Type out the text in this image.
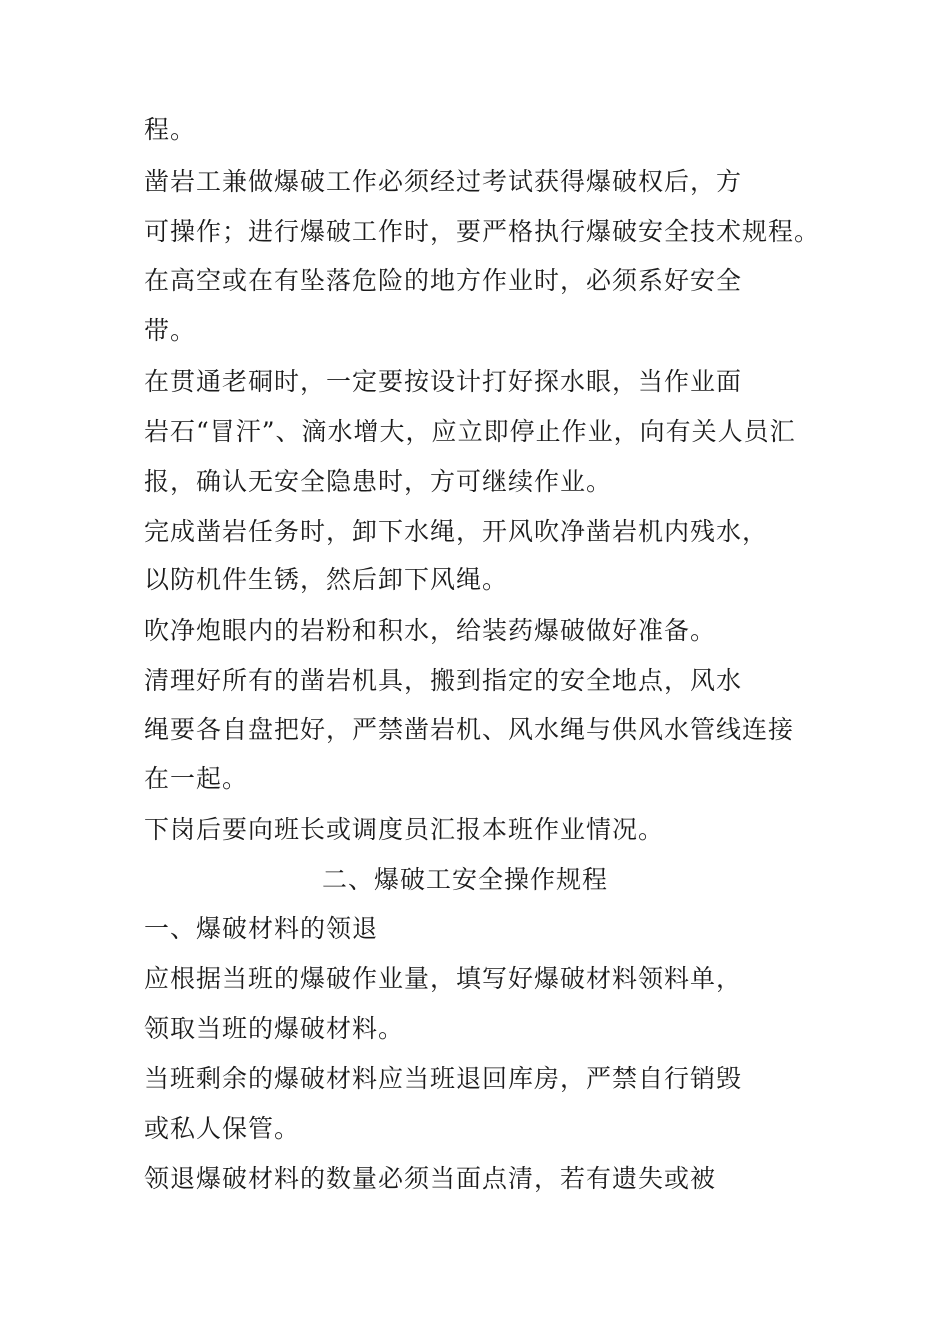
程。
凿岩工兼做爆破工作必须经过考试获得爆破权后，方
可操作；进行爆破工作时，要严格执行爆破安全技术规程。
在高空或在有坠落危险的地方作业时，必须系好安全
带。
在贯通老硐时，一定要按设计打好探水眼，当作业面
岩石“冒汗”、滴水增大，应立即停止作业，向有关人员汇
报，确认无安全隐患时，方可继续作业。
完成凿岩任务时，卸下水绳，开风吹净凿岩机内残水，
以防机件生锈，然后卸下风绳。
吹净炮眼内的岩粉和积水，给装药爆破做好准备。
清理好所有的凿岩机具，搬到指定的安全地点，风水
绳要各自盘把好，严禁凿岩机、风水绳与供风水管线连接
在一起。
下岗后要向班长或调度员汇报本班作业情况。
二、爆破工安全操作规程
一、爆破材料的领退
应根据当班的爆破作业量，填写好爆破材料领料单，
领取当班的爆破材料。
当班剩余的爆破材料应当班退回库房，严禁自行销毁
或私人保管。
领退爆破材料的数量必须当面点清，若有遗失或被
